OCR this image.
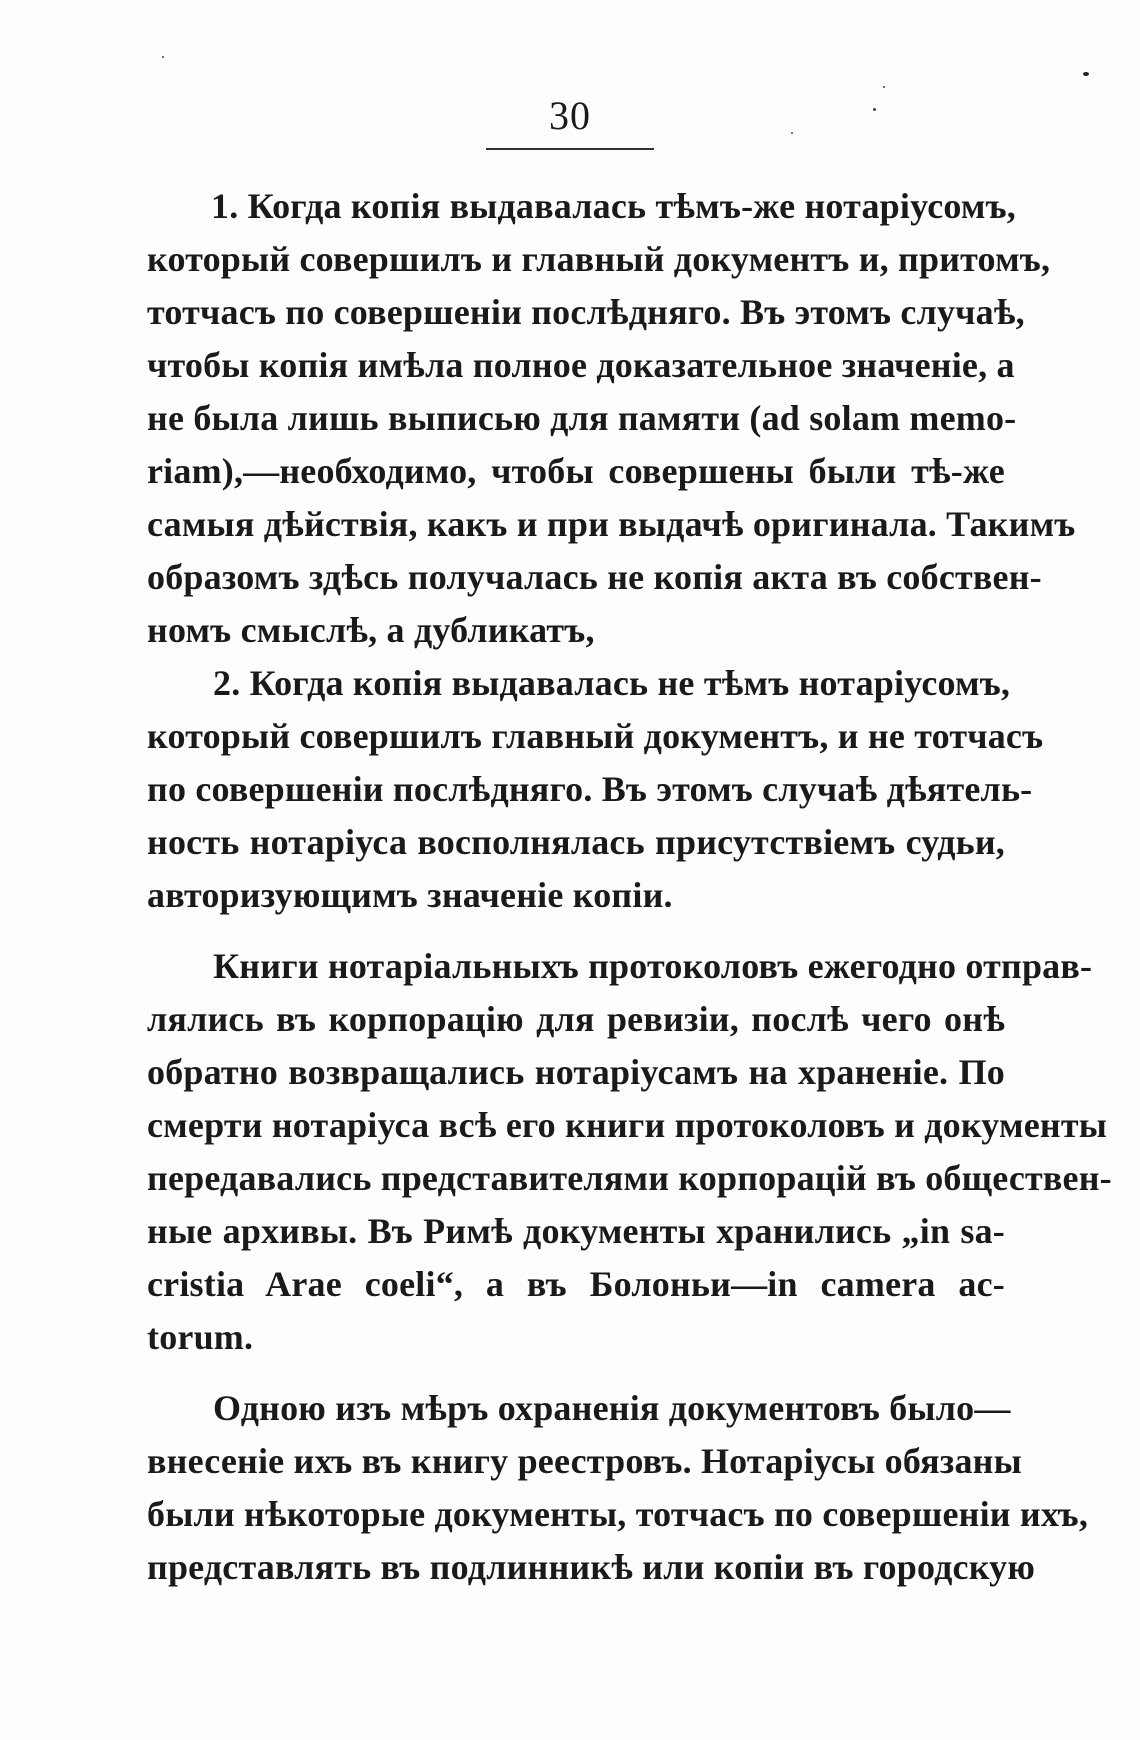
30
1. Когда копія выдавалась тѣмъ-же нотаріусомъ,
который совершилъ и главный документъ и, притомъ,
тотчасъ по совершеніи послѣдняго. Въ этомъ случаѣ,
чтобы копія имѣла полное доказательное значеніе, а
не была лишь выписью для памяти (ad solam memo-
riam),—необходимо, чтобы совершены были тѣ-же
самыя дѣйствія, какъ и при выдачѣ оригинала. Такимъ
образомъ здѣсь получалась не копія акта въ собствен-
номъ смыслѣ, а дубликатъ,
2. Когда копія выдавалась не тѣмъ нотаріусомъ,
который совершилъ главный документъ, и не тотчасъ
по совершеніи послѣдняго. Въ этомъ случаѣ дѣятель-
ность нотаріуса восполнялась присутствіемъ судьи,
авторизующимъ значеніе копіи.
Книги нотаріальныхъ протоколовъ ежегодно отправ-
лялись въ корпорацію для ревизіи, послѣ чего онѣ
обратно возвращались нотаріусамъ на храненіе. По
смерти нотаріуса всѣ его книги протоколовъ и документы
передавались представителями корпорацій въ обществен-
ные архивы. Въ Римѣ документы хранились „in sa-
cristia Arae coeli“, а въ Болоньи—in camera ac-
torum.
Одною изъ мѣръ охраненія документовъ было—
внесеніе ихъ въ книгу реестровъ. Нотаріусы обязаны
были нѣкоторые документы, тотчасъ по совершеніи ихъ,
представлять въ подлинникѣ или копіи въ городскую
